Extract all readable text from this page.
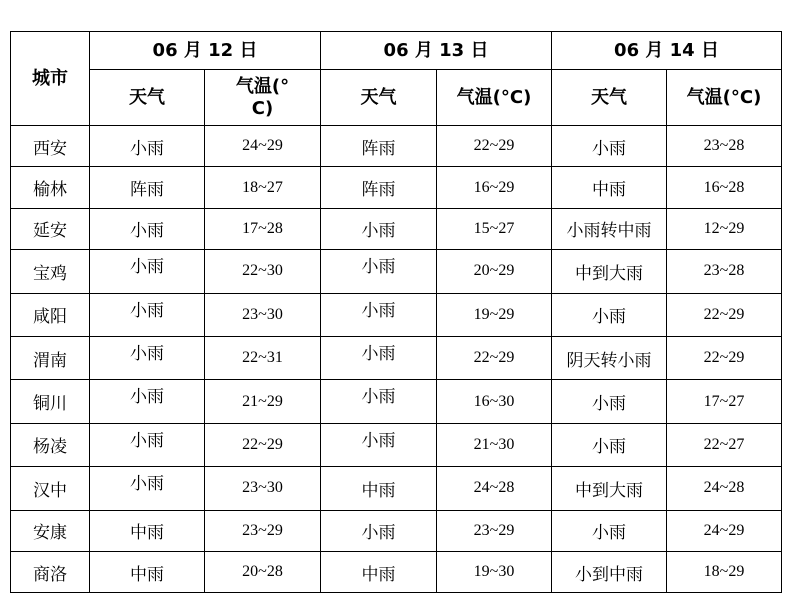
城市	06 月 12 日		06 月 13 日		06 月 14 日	
	天气	气温(°C)	天气	气温(°C)	天气	气温(°C)
西安	小雨	24~29	阵雨	22~29	小雨	23~28
榆林	阵雨	18~27	阵雨	16~29	中雨	16~28
延安	小雨	17~28	小雨	15~27	小雨转中雨	12~29
宝鸡	小雨	22~30	小雨	20~29	中到大雨	23~28
咸阳	小雨	23~30	小雨	19~29	小雨	22~29
渭南	小雨	22~31	小雨	22~29	阴天转小雨	22~29
铜川	小雨	21~29	小雨	16~30	小雨	17~27
杨凌	小雨	22~29	小雨	21~30	小雨	22~27
汉中	小雨	23~30	中雨	24~28	中到大雨	24~28
安康	中雨	23~29	小雨	23~29	小雨	24~29
商洛	中雨	20~28	中雨	19~30	小到中雨	18~29
